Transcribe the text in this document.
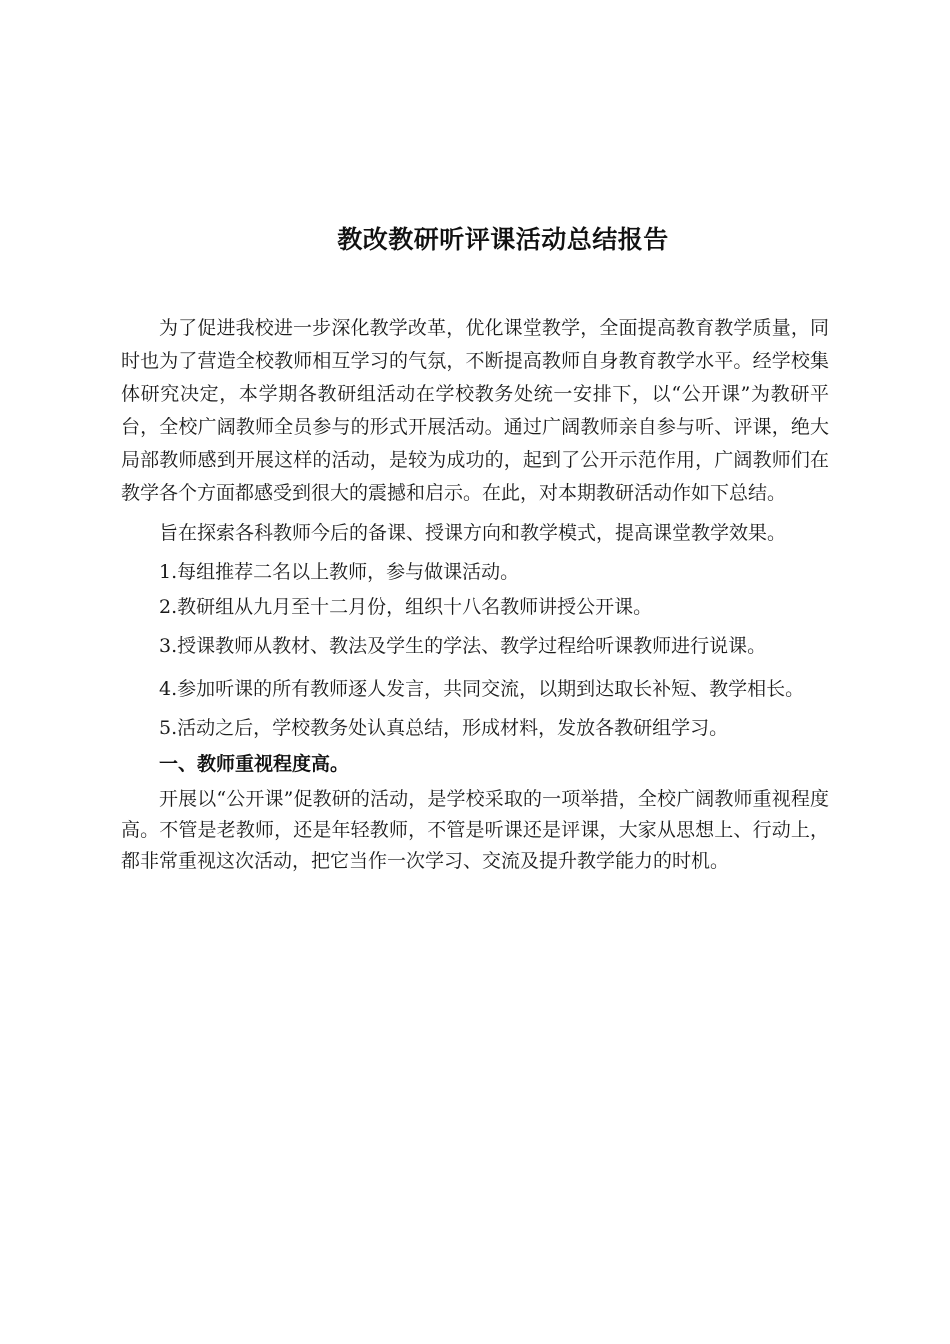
教改教研听评课活动总结报告

为了促进我校进一步深化教学改革，优化课堂教学，全面提高教育教学质量，同时也为了营造全校教师相互学习的气氛，不断提高教师自身教育教学水平。经学校集体研究决定，本学期各教研组活动在学校教务处统一安排下，以“公开课”为教研平台，全校广阔教师全员参与的形式开展活动。通过广阔教师亲自参与听、评课，绝大局部教师感到开展这样的活动，是较为成功的，起到了公开示范作用，广阔教师们在教学各个方面都感受到很大的震撼和启示。在此，对本期教研活动作如下总结。

旨在探索各科教师今后的备课、授课方向和教学模式，提高课堂教学效果。

1.每组推荐二名以上教师，参与做课活动。

2.教研组从九月至十二月份，组织十八名教师讲授公开课。

3.授课教师从教材、教法及学生的学法、教学过程给听课教师进行说课。

4.参加听课的所有教师逐人发言，共同交流，以期到达取长补短、教学相长。

5.活动之后，学校教务处认真总结，形成材料，发放各教研组学习。

一、教师重视程度高。

开展以“公开课”促教研的活动，是学校采取的一项举措，全校广阔教师重视程度高。不管是老教师，还是年轻教师，不管是听课还是评课，大家从思想上、行动上，都非常重视这次活动，把它当作一次学习、交流及提升教学能力的时机。
